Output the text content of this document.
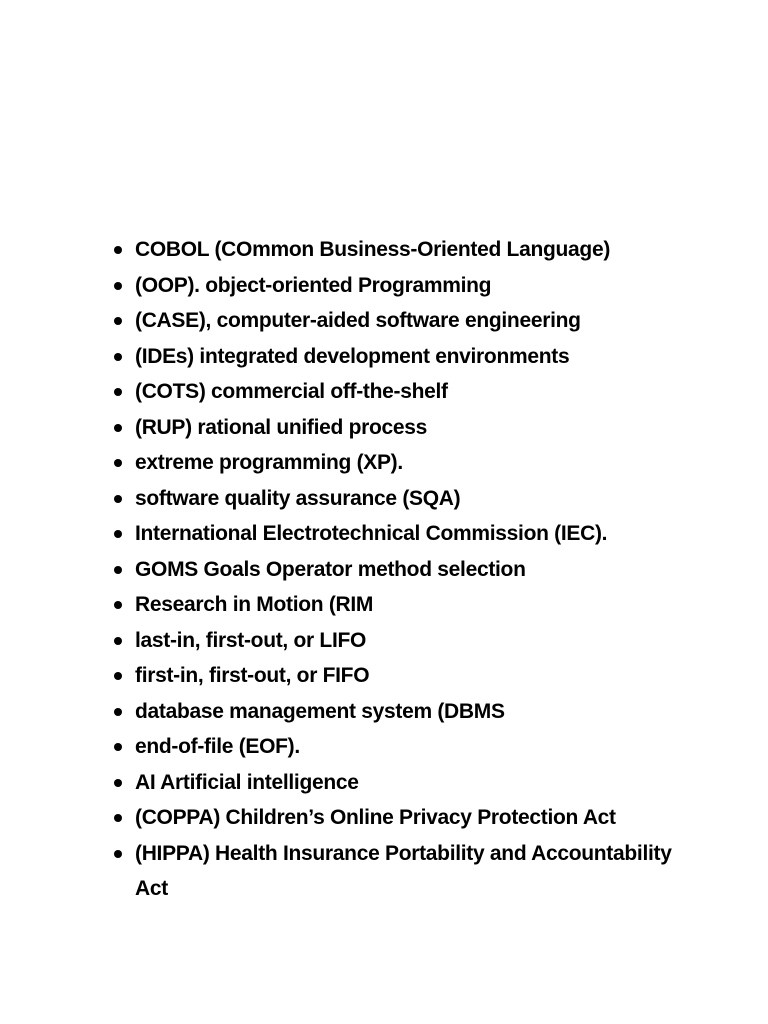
COBOL (COmmon Business-Oriented Language)
(OOP). object-oriented Programming
(CASE), computer-aided software engineering
(IDEs) integrated development environments
(COTS) commercial off-the-shelf
(RUP) rational unified process
extreme programming (XP).
software quality assurance (SQA)
International Electrotechnical Commission (IEC).
GOMS Goals Operator method selection
Research in Motion (RIM
last-in, first-out, or LIFO
first-in, first-out, or FIFO
database management system (DBMS
end-of-file (EOF).
AI Artificial intelligence
(COPPA) Children’s Online Privacy Protection Act
(HIPPA) Health Insurance Portability and Accountability Act
